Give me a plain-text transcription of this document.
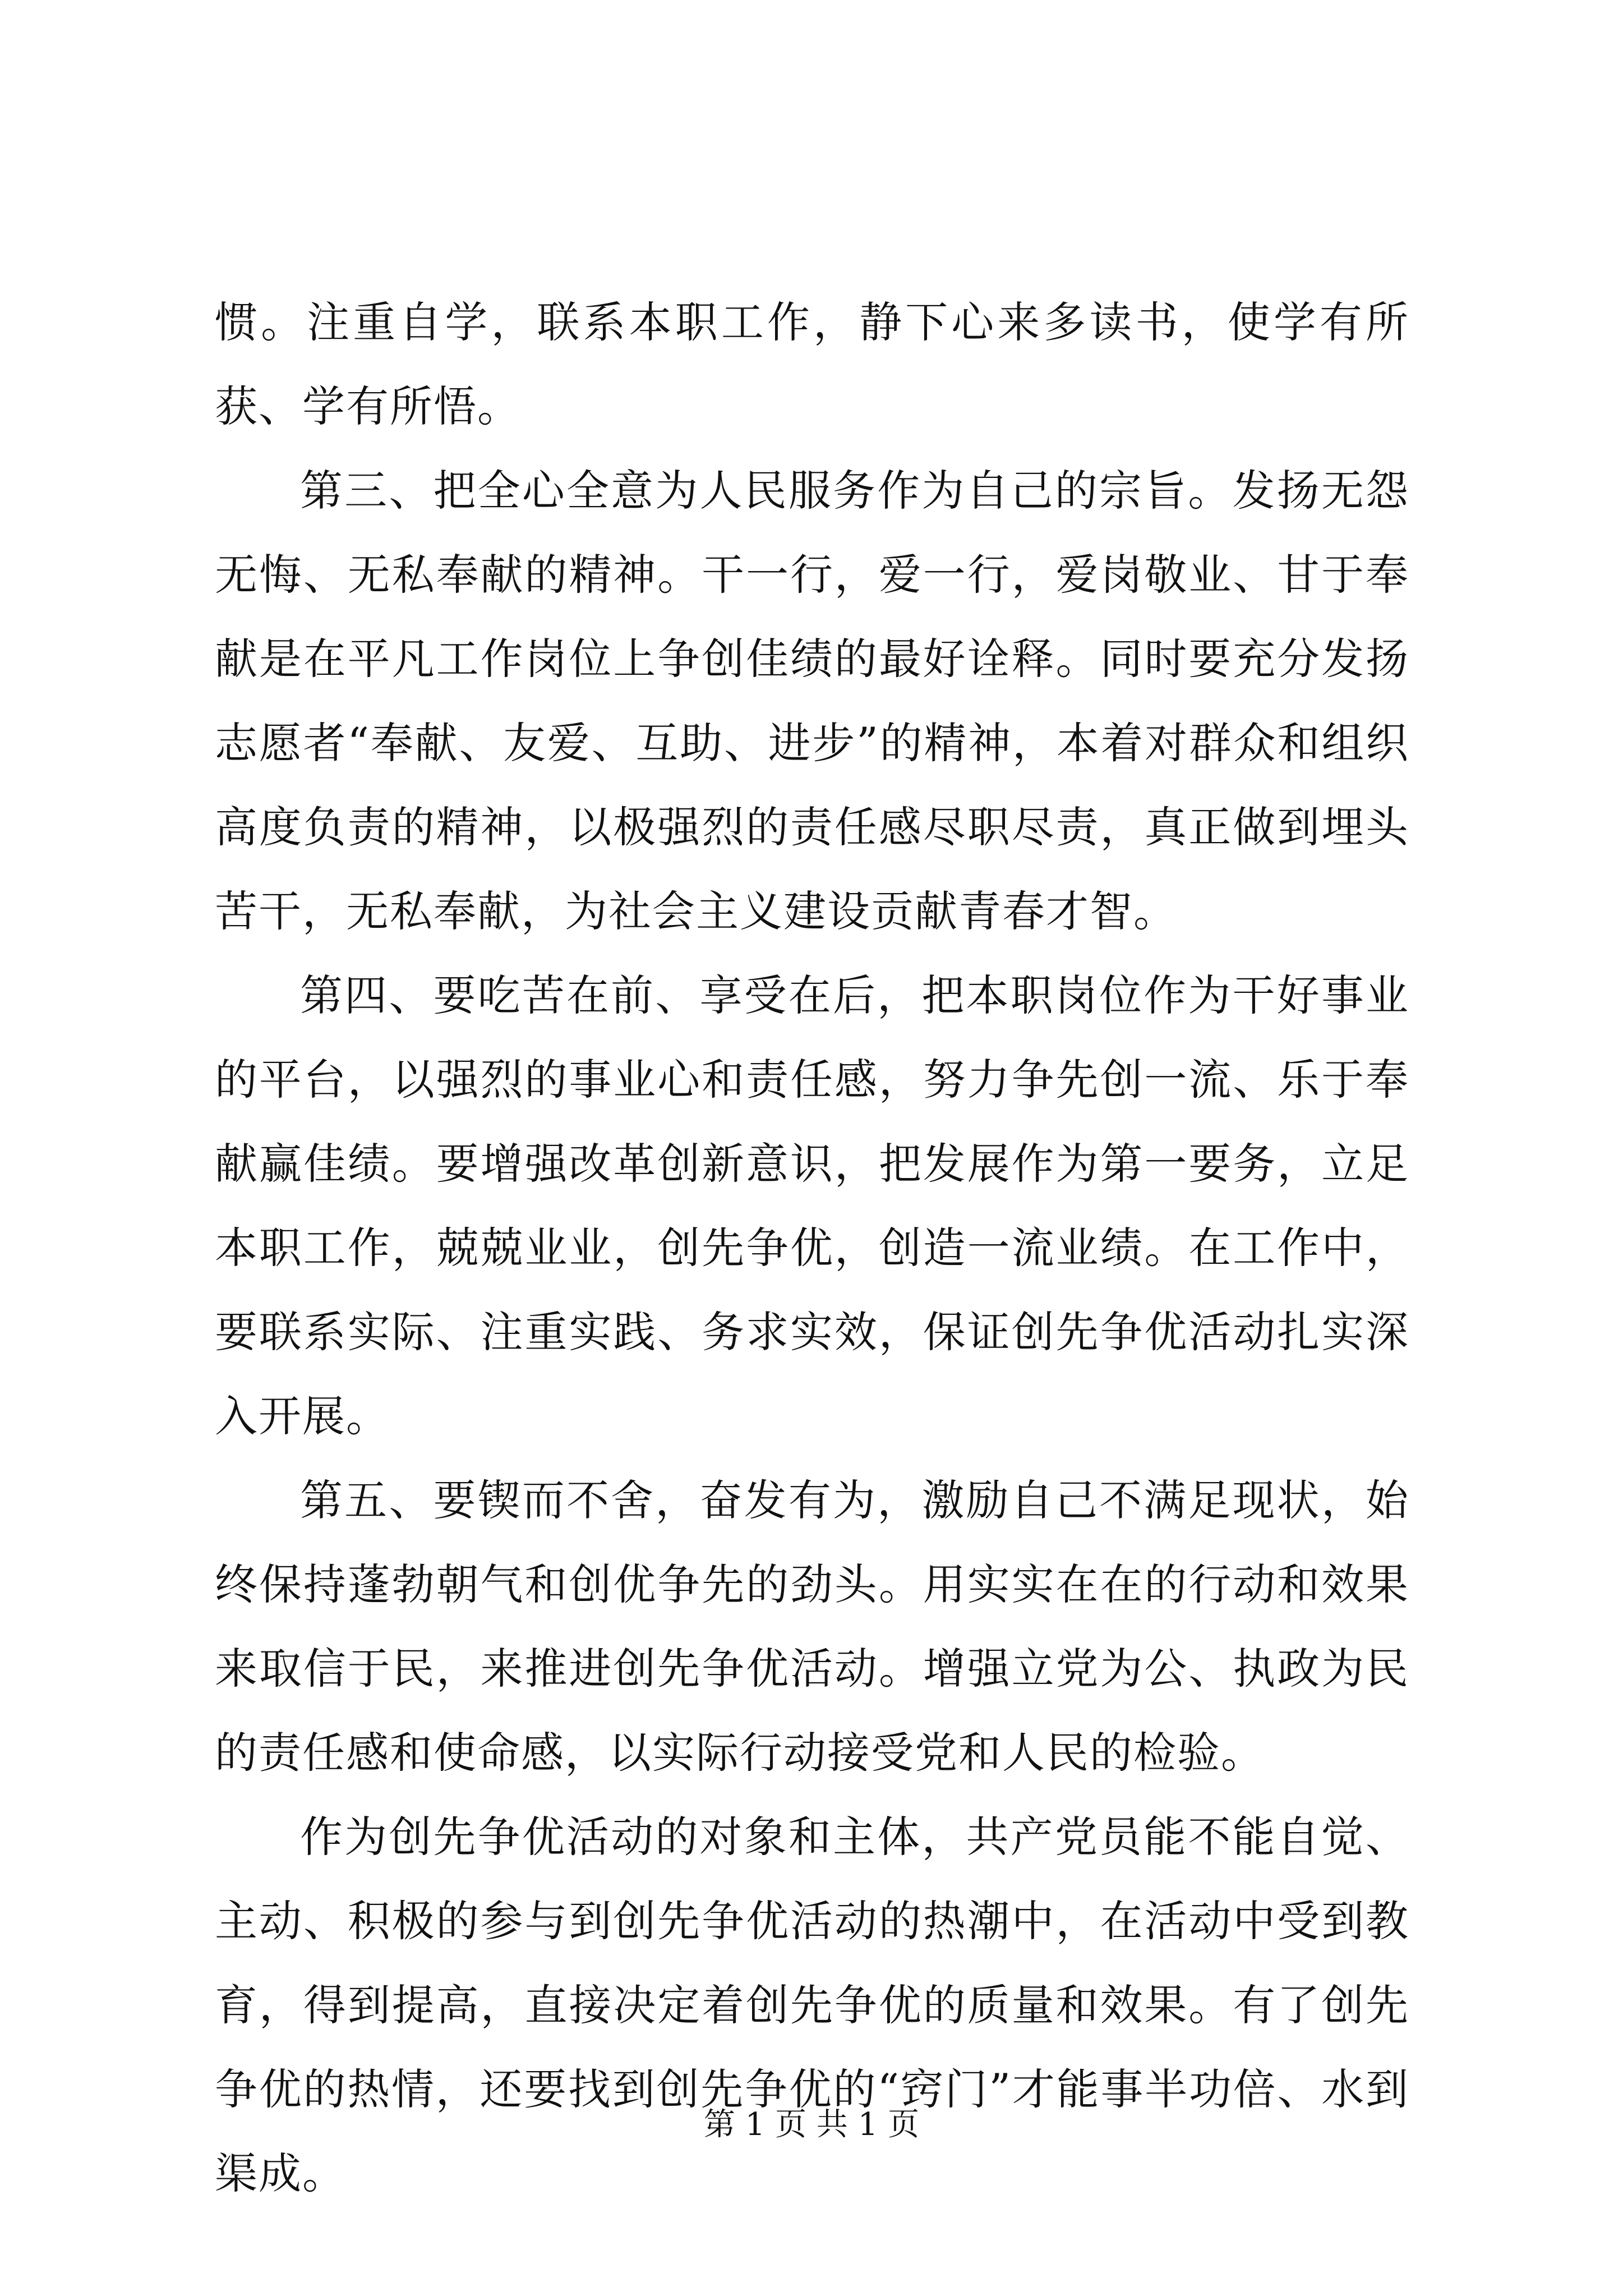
惯。注重自学，联系本职工作，静下心来多读书，使学有所获、学有所悟。

第三、把全心全意为人民服务作为自己的宗旨。发扬无怨无悔、无私奉献的精神。干一行，爱一行，爱岗敬业、甘于奉献是在平凡工作岗位上争创佳绩的最好诠释。同时要充分发扬志愿者“奉献、友爱、互助、进步”的精神，本着对群众和组织高度负责的精神，以极强烈的责任感尽职尽责，真正做到埋头苦干，无私奉献，为社会主义建设贡献青春才智。

第四、要吃苦在前、享受在后，把本职岗位作为干好事业的平台，以强烈的事业心和责任感，努力争先创一流、乐于奉献赢佳绩。要增强改革创新意识，把发展作为第一要务，立足本职工作，兢兢业业，创先争优，创造一流业绩。在工作中，要联系实际、注重实践、务求实效，保证创先争优活动扎实深入开展。

第五、要锲而不舍，奋发有为，激励自己不满足现状，始终保持蓬勃朝气和创优争先的劲头。用实实在在的行动和效果来取信于民，来推进创先争优活动。增强立党为公、执政为民的责任感和使命感，以实际行动接受党和人民的检验。

作为创先争优活动的对象和主体，共产党员能不能自觉、主动、积极的参与到创先争优活动的热潮中，在活动中受到教育，得到提高，直接决定着创先争优的质量和效果。有了创先争优的热情，还要找到创先争优的“窍门”才能事半功倍、水到渠成。

第 1 页 共 1 页
